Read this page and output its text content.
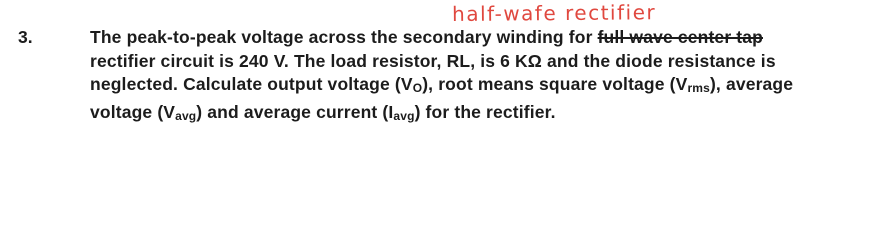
half-wafe rectifier
3.	The peak-to-peak voltage across the secondary winding for full wave center tap
rectifier circuit is 240 V. The load resistor, RL, is 6 KΩ and the diode resistance is
neglected. Calculate output voltage (VO), root means square voltage (Vrms), average
voltage (Vavg) and average current (Iavg) for the rectifier.
